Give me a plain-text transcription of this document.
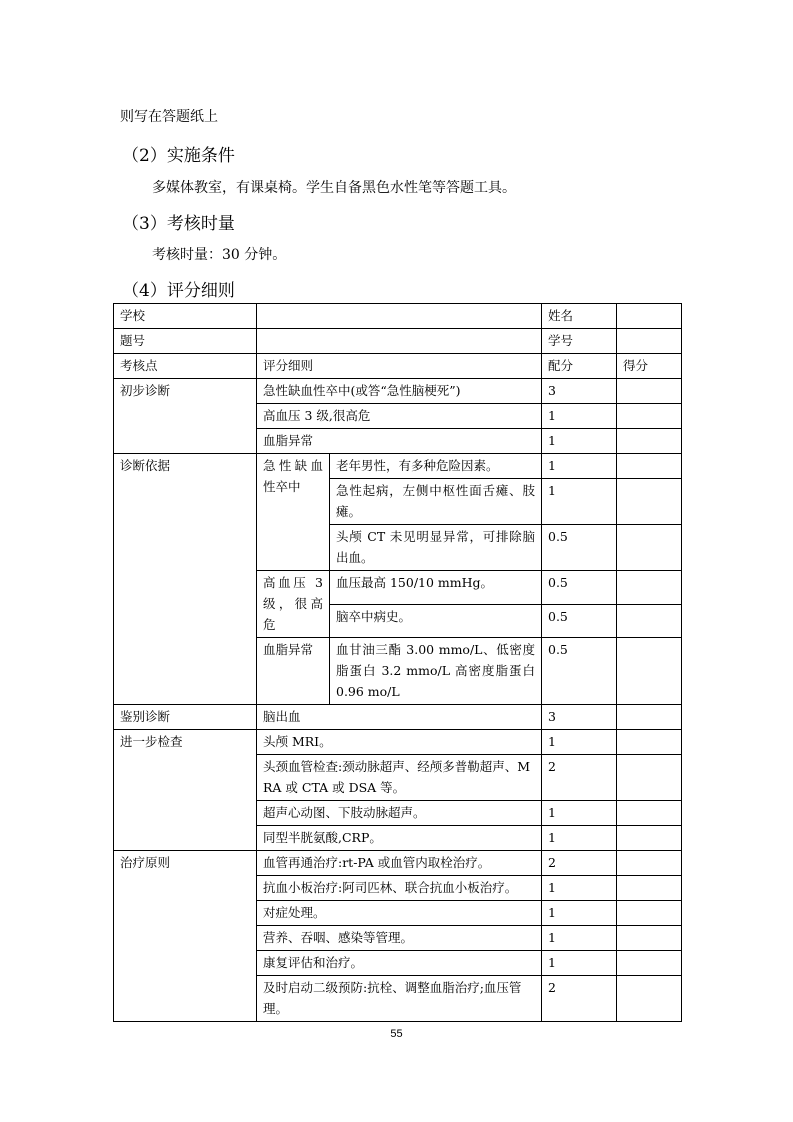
则写在答题纸上
（2）实施条件
多媒体教室，有课桌椅。学生自备黑色水性笔等答题工具。
（3）考核时量
考核时量：30 分钟。
（4）评分细则
学校			姓名	
题号			学号	
考核点	评分细则		配分	得分
初步诊断	急性缺血性卒中(或答“急性脑梗死”)		3	
	高血压 3 级,很高危		1	
	血脂异常		1	
诊断依据	急性缺血性卒中	老年男性，有多种危险因素。	1	
		急性起病，左侧中枢性面舌瘫、肢瘫。	1	
		头颅 CT 未见明显异常，可排除脑出血。	0.5	
	高血压 3 级，很高危	血压最高 150/10 mmHg。	0.5	
		脑卒中病史。	0.5	
	血脂异常	血甘油三酯 3.00 mmo/L、低密度脂蛋白 3.2 mmo/L 高密度脂蛋白 0.96 mo/L	0.5	
鉴别诊断	脑出血		3	
进一步检查	头颅 MRI。		1	
	头颈血管检查:颈动脉超声、经颅多普勒超声、MRA 或 CTA 或 DSA 等。		2	
	超声心动图、下肢动脉超声。		1	
	同型半胱氨酸,CRP。		1	
治疗原则	血管再通治疗:rt-PA 或血管内取栓治疗。		2	
	抗血小板治疗:阿司匹林、联合抗血小板治疗。		1	
	对症处理。		1	
	营养、吞咽、感染等管理。		1	
	康复评估和治疗。		1	
	及时启动二级预防:抗栓、调整血脂治疗;血压管理。		2	
55
